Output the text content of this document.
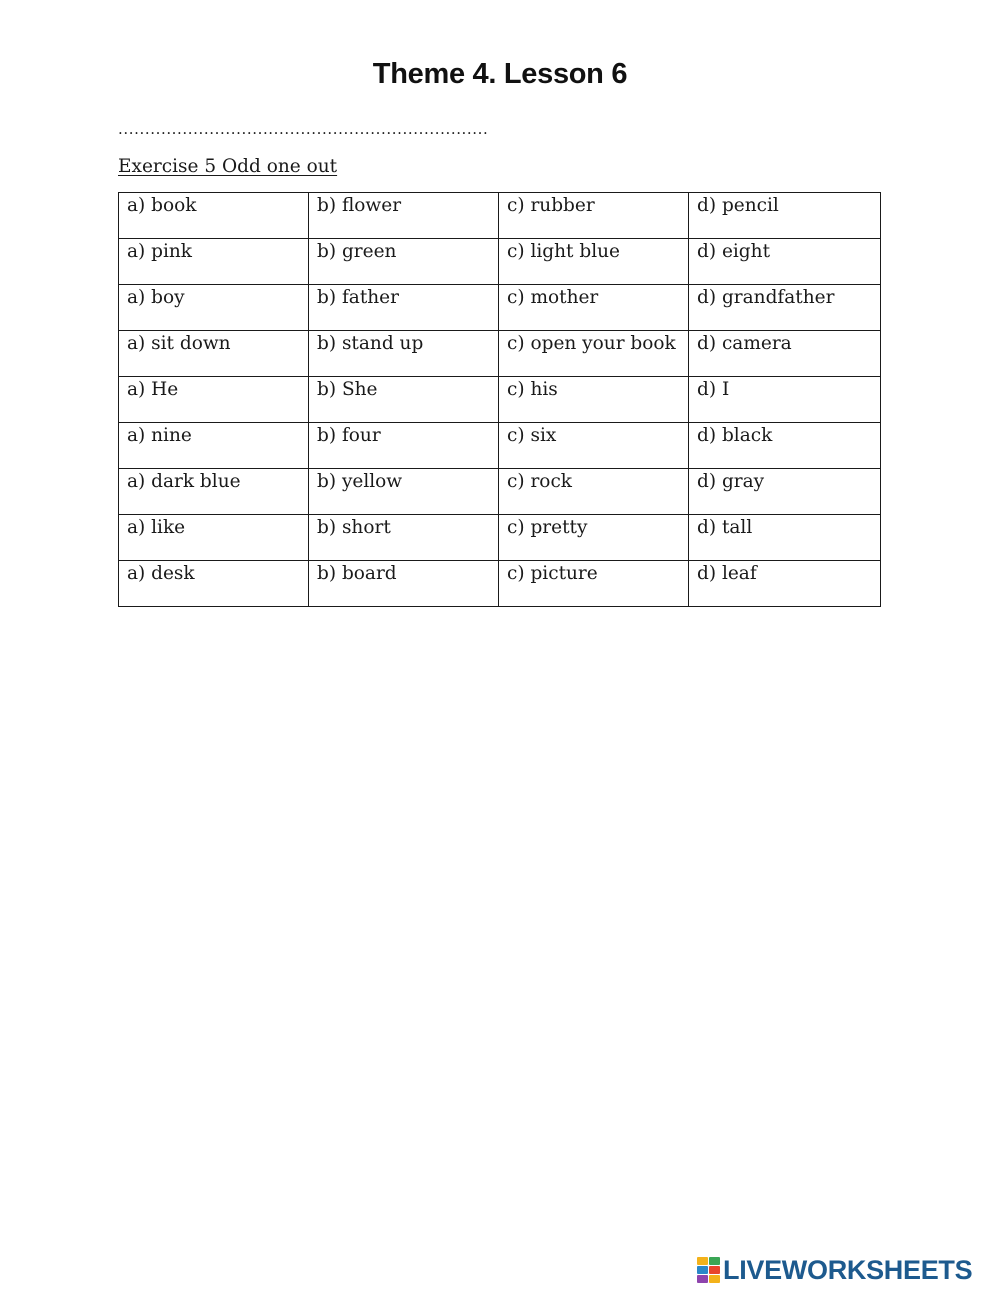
Theme 4. Lesson 6
.....................................................................
Exercise 5 Odd one out
a) book	b) flower	c) rubber	d) pencil
a) pink	b) green	c) light blue	d) eight
a) boy	b) father	c) mother	d) grandfather
a) sit down	b) stand up	c) open your book	d) camera
a) He	b) She	c) his	d) I
a) nine	b) four	c) six	d) black
a) dark blue	b) yellow	c) rock	d) gray
a) like	b) short	c) pretty	d) tall
a) desk	b) board	c) picture	d) leaf
LIVEWORKSHEETS
